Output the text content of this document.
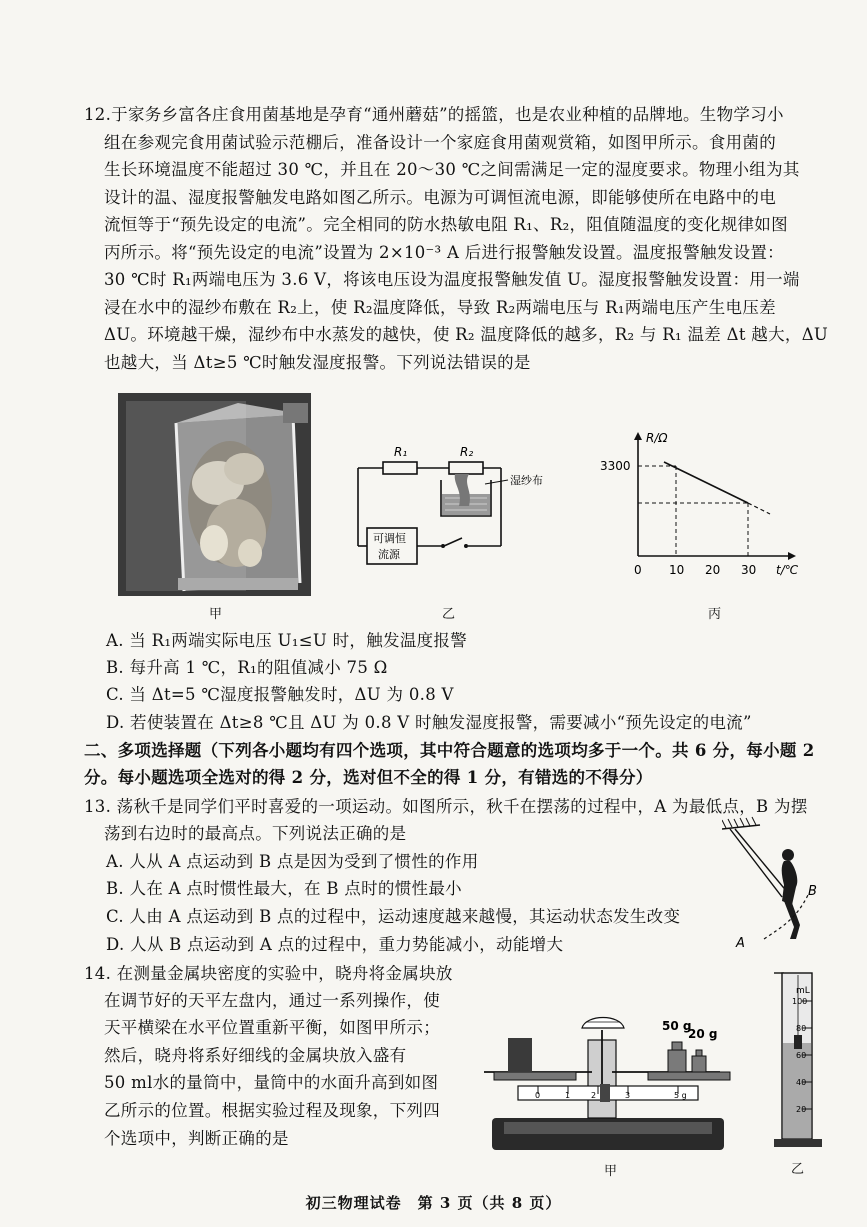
12.于家务乡富各庄食用菌基地是孕育“通州蘑菇”的摇篮，也是农业种植的品牌地。生物学习小
组在参观完食用菌试验示范棚后，准备设计一个家庭食用菌观赏箱，如图甲所示。食用菌的
生长环境温度不能超过 30 ℃，并且在 20～30 ℃之间需满足一定的湿度要求。物理小组为其
设计的温、湿度报警触发电路如图乙所示。电源为可调恒流电源，即能够使所在电路中的电
流恒等于“预先设定的电流”。完全相同的防水热敏电阻 R₁、R₂，阻值随温度的变化规律如图
丙所示。将“预先设定的电流”设置为 2×10⁻³ A 后进行报警触发设置。温度报警触发设置：
30 ℃时 R₁两端电压为 3.6 V，将该电压设为温度报警触发值 U。湿度报警触发设置：用一端
浸在水中的湿纱布敷在 R₂上，使 R₂温度降低，导致 R₂两端电压与 R₁两端电压产生电压差
ΔU。环境越干燥，湿纱布中水蒸发的越快，使 R₂ 温度降低的越多，R₂ 与 R₁ 温差 Δt 越大，ΔU
也越大，当 Δt≥5 ℃时触发湿度报警。下列说法错误的是
甲
R₁	R₂
湿纱布
可调恒
流源
乙
R/Ω
3300
0 10 20 30 t/℃
丙
A. 当 R₁两端实际电压 U₁≤U 时，触发温度报警
B. 每升高 1 ℃，R₁的阻值减小 75 Ω
C. 当 Δt=5 ℃湿度报警触发时，ΔU 为 0.8 V
D. 若使装置在 Δt≥8 ℃且 ΔU 为 0.8 V 时触发湿度报警，需要减小“预先设定的电流”
二、多项选择题（下列各小题均有四个选项，其中符合题意的选项均多于一个。共 6 分，每小题 2
分。每小题选项全选对的得 2 分，选对但不全的得 1 分，有错选的不得分）
13. 荡秋千是同学们平时喜爱的一项运动。如图所示，秋千在摆荡的过程中，A 为最低点，B 为摆
荡到右边时的最高点。下列说法正确的是
A. 人从 A 点运动到 B 点是因为受到了惯性的作用
B. 人在 A 点时惯性最大，在 B 点时的惯性最小
C. 人由 A 点运动到 B 点的过程中，运动速度越来越慢，其运动状态发生改变
D. 人从 B 点运动到 A 点的过程中，重力势能减小，动能增大
B
A
14. 在测量金属块密度的实验中，晓舟将金属块放
在调节好的天平左盘内，通过一系列操作，使
天平横梁在水平位置重新平衡，如图甲所示；
然后，晓舟将系好细线的金属块放入盛有
50 ml水的量筒中，量筒中的水面升高到如图
乙所示的位置。根据实验过程及现象，下列四
个选项中，判断正确的是
0	1	2	3	5 g
50 g
20 g
甲
mL
100
80
60
40
20
乙
初三物理试卷　第 3 页（共 8 页）
